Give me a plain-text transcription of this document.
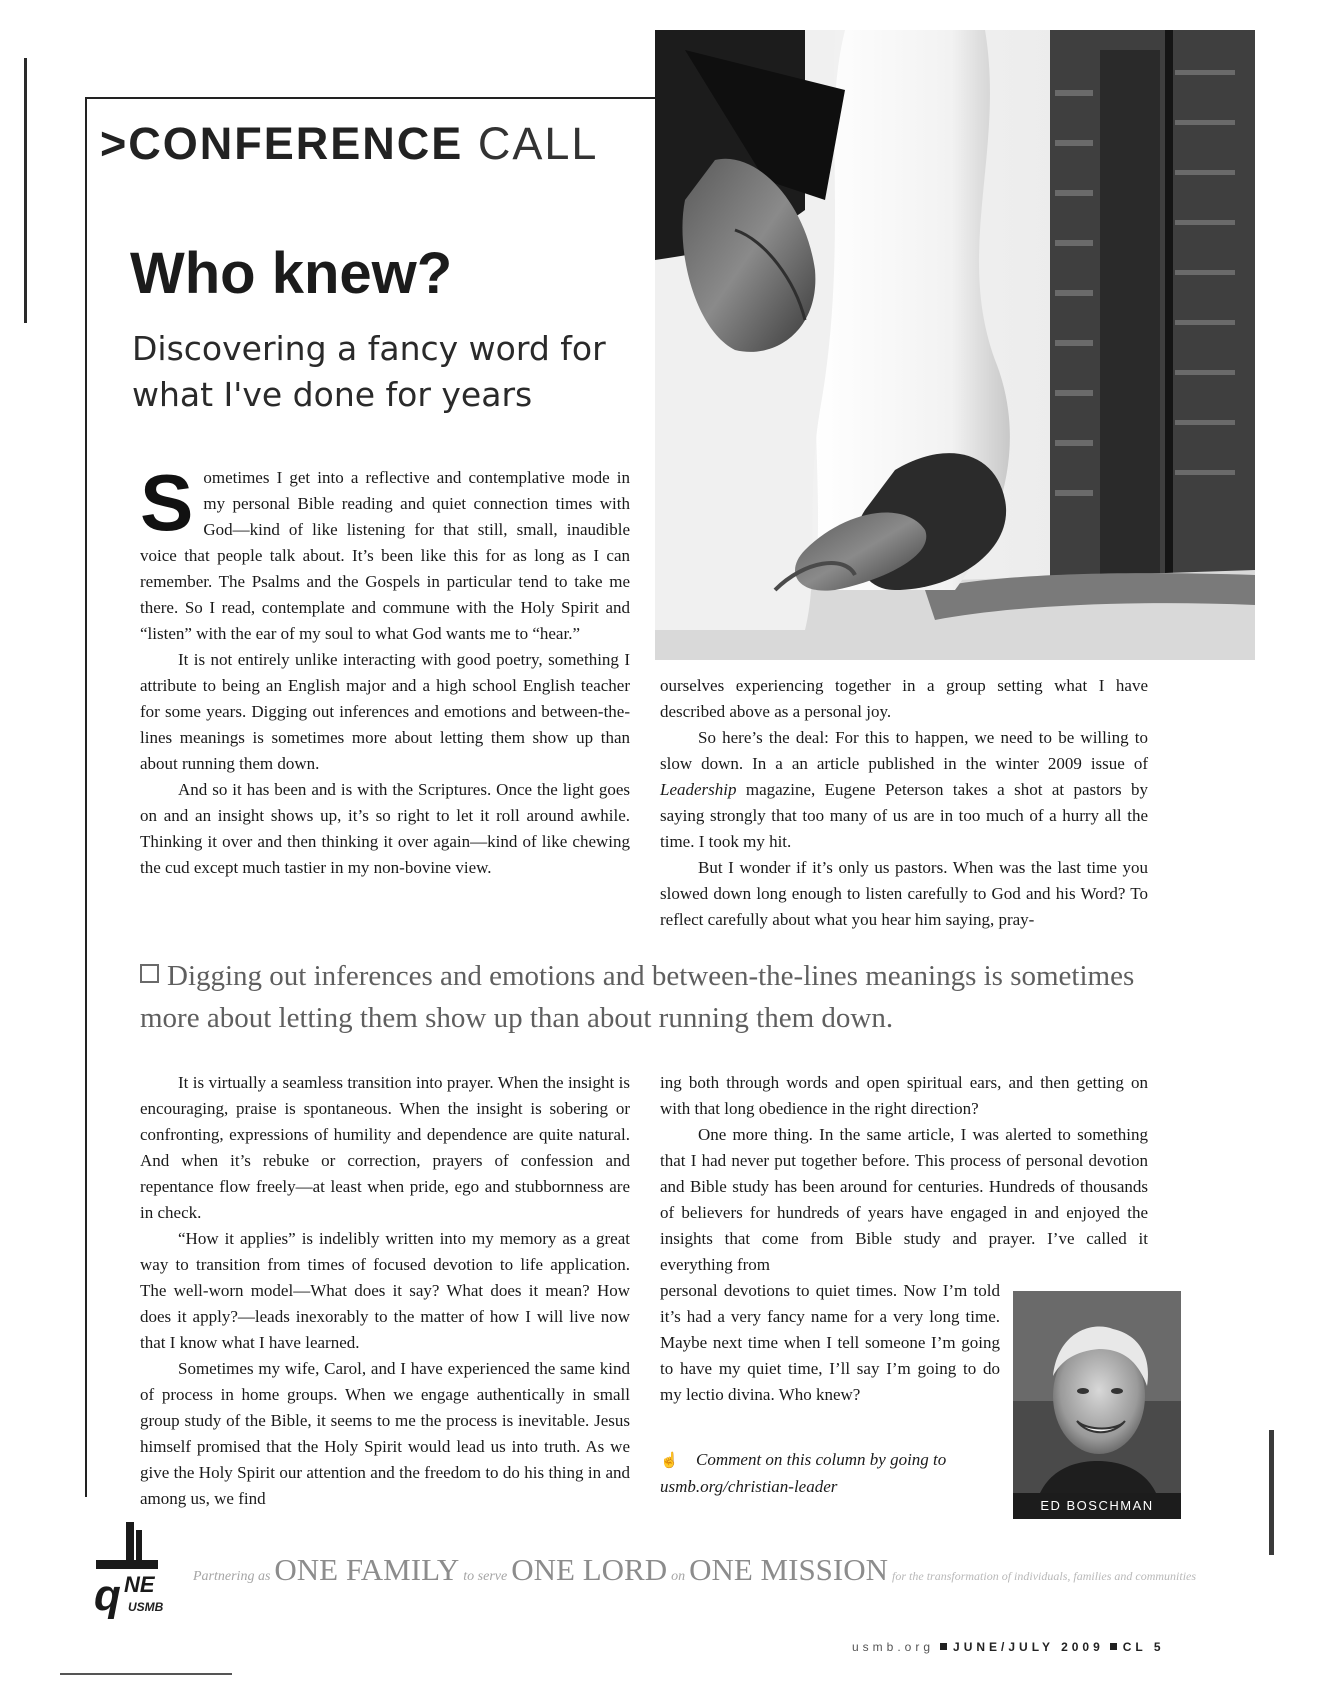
>CONFERENCE CALL
Who knew?
Discovering a fancy word for what I've done for years

Sometimes I get into a reflective and contemplative mode in my personal Bible reading and quiet connection times with God—kind of like listening for that still, small, inaudible voice that people talk about. It’s been like this for as long as I can remember. The Psalms and the Gospels in particular tend to take me there. So I read, contemplate and commune with the Holy Spirit and “listen” with the ear of my soul to what God wants me to “hear.”

It is not entirely unlike interacting with good poetry, something I attribute to being an English major and a high school English teacher for some years. Digging out inferences and emotions and between-the-lines meanings is sometimes more about letting them show up than about running them down.

And so it has been and is with the Scriptures. Once the light goes on and an insight shows up, it’s so right to let it roll around awhile. Thinking it over and then thinking it over again—kind of like chewing the cud except much tastier in my non-bovine view.

ourselves experiencing together in a group setting what I have described above as a personal joy.

So here’s the deal: For this to happen, we need to be willing to slow down. In a an article published in the winter 2009 issue of Leadership magazine, Eugene Peterson takes a shot at pastors by saying strongly that too many of us are in too much of a hurry all the time. I took my hit.

But I wonder if it’s only us pastors. When was the last time you slowed down long enough to listen carefully to God and his Word? To reflect carefully about what you hear him saying, pray-

Digging out inferences and emotions and between-the-lines meanings is sometimes more about letting them show up than about running them down.

It is virtually a seamless transition into prayer. When the insight is encouraging, praise is spontaneous. When the insight is sobering or confronting, expressions of humility and dependence are quite natural. And when it’s rebuke or correction, prayers of confession and repentance flow freely—at least when pride, ego and stubbornness are in check.

“How it applies” is indelibly written into my memory as a great way to transition from times of focused devotion to life application. The well-worn model—What does it say? What does it mean? How does it apply?—leads inexorably to the matter of how I will live now that I know what I have learned.

Sometimes my wife, Carol, and I have experienced the same kind of process in home groups. When we engage authentically in small group study of the Bible, it seems to me the process is inevitable. Jesus himself promised that the Holy Spirit would lead us into truth. As we give the Holy Spirit our attention and the freedom to do his thing in and among us, we find

ing both through words and open spiritual ears, and then getting on with that long obedience in the right direction?

One more thing. In the same article, I was alerted to something that I had never put together before. This process of personal devotion and Bible study has been around for centuries. Hundreds of thousands of believers for hundreds of years have engaged in and enjoyed the insights that come from Bible study and prayer. I’ve called it everything from

personal devotions to quiet times. Now I’m told it’s had a very fancy name for a very long time. Maybe next time when I tell someone I’m going to have my quiet time, I’ll say I’m going to do my lectio divina. Who knew?

☝ Comment on this column by going to usmb.org/christian-leader
ED BOSCHMAN
q NE
USMB
Partnering as ONE FAMILY to serve ONE LORD on ONE MISSION for the transformation of individuals, families and communities
usmb.org JUNE/JULY 2009 CL 5
